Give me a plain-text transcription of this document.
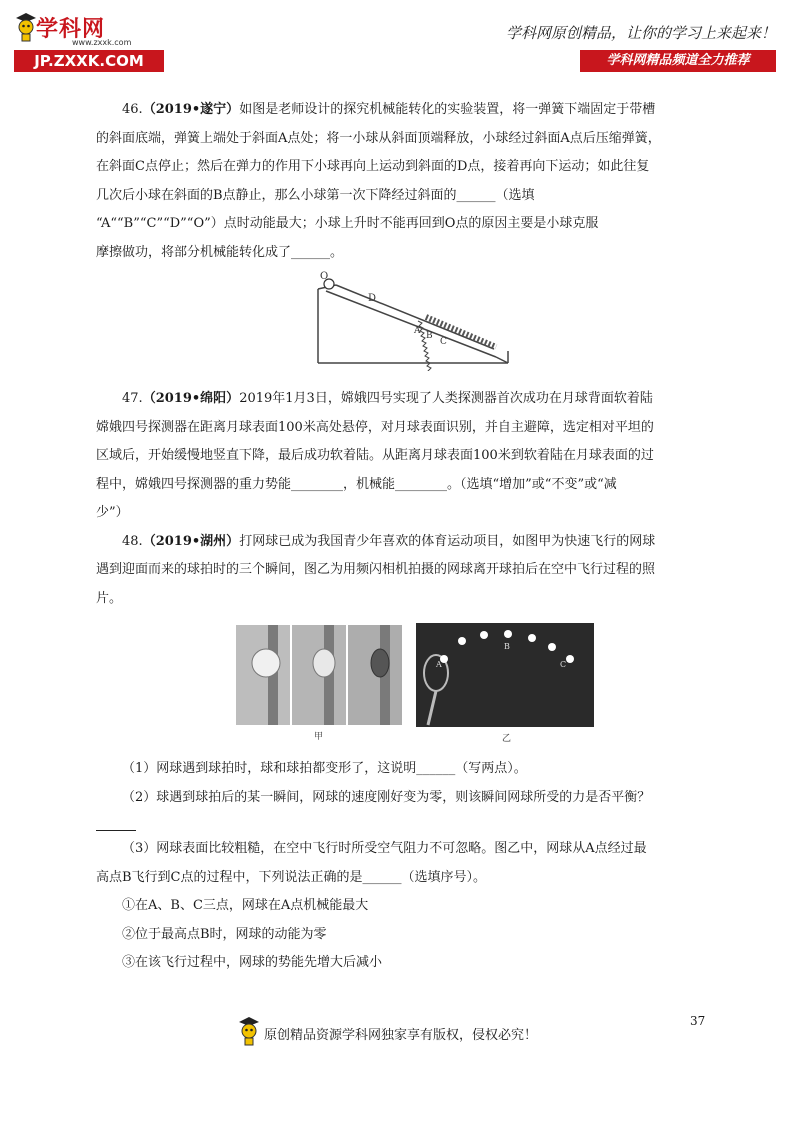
学科网
www.zxxk.com
JP.ZXXK.COM
学科网原创精品，让你的学习上来起来！
学科网精品频道全力推荐

46.（2019•遂宁）如图是老师设计的探究机械能转化的实验装置，将一弹簧下端固定于带槽

的斜面底端，弹簧上端处于斜面A点处；将一小球从斜面顶端释放，小球经过斜面A点后压缩弹簧，

在斜面C点停止；然后在弹力的作用下小球再向上运动到斜面的D点，接着再向下运动；如此往复

几次后小球在斜面的B点静止，那么小球第一次下降经过斜面的______（选填

“A““B”“C”“D”“O”）点时动能最大；小球上升时不能再回到O点的原因主要是小球克服

摩擦做功，将部分机械能转化成了______。

O
D
A B
C

47.（2019•绵阳）2019年1月3日，嫦娥四号实现了人类探测器首次成功在月球背面软着陆

嫦娥四号探测器在距离月球表面100米高处悬停，对月球表面识别，并自主避障，选定相对平坦的

区域后，开始缓慢地竖直下降，最后成功软着陆。从距离月球表面100米到软着陆在月球表面的过

程中，嫦娥四号探测器的重力势能________，机械能________。（选填“增加”或“不变”或“减

少”）

48.（2019•湖州）打网球已成为我国青少年喜欢的体育运动项目，如图甲为快速飞行的网球

遇到迎面而来的球拍时的三个瞬间，图乙为用频闪相机拍摄的网球离开球拍后在空中飞行过程的照

片。

甲
A
B
C
乙

（1）网球遇到球拍时，球和球拍都变形了，这说明______（写两点）。

（2）球遇到球拍后的某一瞬间，网球的速度刚好变为零，则该瞬间网球所受的力是否平衡？

（3）网球表面比较粗糙，在空中飞行时所受空气阻力不可忽略。图乙中，网球从A点经过最

高点B飞行到C点的过程中，下列说法正确的是______（选填序号）。

①在A、B、C三点，网球在A点机械能最大

②位于最高点B时，网球的动能为零

③在该飞行过程中，网球的势能先增大后减小

37
原创精品资源学科网独家享有版权，侵权必究！
